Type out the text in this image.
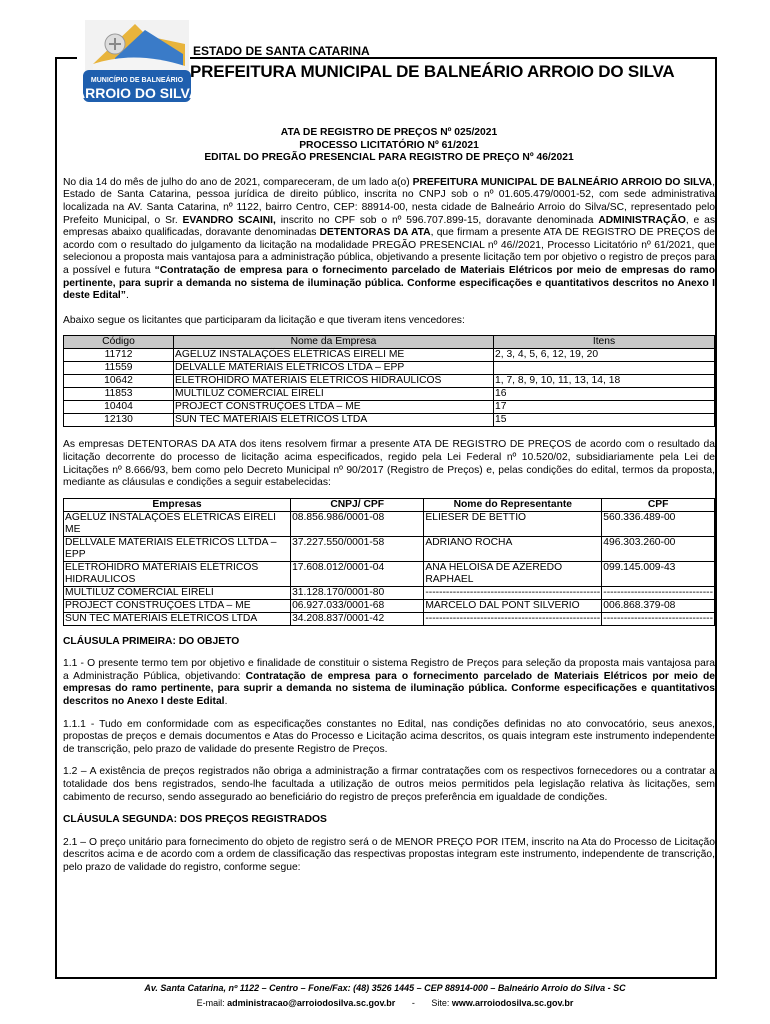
MUNICÍPIO DE BALNEÁRIO
ARROIO DO SILVA
ESTADO DE SANTA CATARINA
PREFEITURA MUNICIPAL DE BALNEÁRIO ARROIO DO SILVA
ATA DE REGISTRO DE PREÇOS Nº 025/2021
PROCESSO LICITATÓRIO Nº 61/2021
EDITAL DO PREGÃO PRESENCIAL PARA REGISTRO DE PREÇO Nº 46/2021

No dia 14 do mês de julho do ano de 2021, compareceram, de um lado a(o) PREFEITURA MUNICIPAL DE BALNEÁRIO ARROIO DO SILVA, Estado de Santa Catarina, pessoa jurídica de direito público, inscrita no CNPJ sob o nº 01.605.479/0001-52, com sede administrativa localizada na AV. Santa Catarina, nº 1122, bairro Centro, CEP: 88914-00, nesta cidade de Balneário Arroio do Silva/SC, representado pelo Prefeito Municipal, o Sr. EVANDRO SCAINI, inscrito no CPF sob o nº 596.707.899-15, doravante denominada ADMINISTRAÇÃO, e as empresas abaixo qualificadas, doravante denominadas DETENTORAS DA ATA, que firmam a presente ATA DE REGISTRO DE PREÇOS de acordo com o resultado do julgamento da licitação na modalidade PREGÃO PRESENCIAL nº 46//2021, Processo Licitatório nº 61/2021, que selecionou a proposta mais vantajosa para a administração pública, objetivando a presente licitação tem por objetivo o registro de preços para a possível e futura “Contratação de empresa para o fornecimento parcelado de Materiais Elétricos por meio de empresas do ramo pertinente, para suprir a demanda no sistema de iluminação pública. Conforme especificações e quantitativos descritos no Anexo I deste Edital”.

Abaixo segue os licitantes que participaram da licitação e que tiveram itens vencedores:

Código	Nome da Empresa	Itens
11712	AGELUZ INSTALAÇÕES ELÉTRICAS EIRELI ME	2, 3, 4, 5, 6, 12, 19, 20
11559	DELVALLE MATERIAIS ELÉTRICOS LTDA – EPP	
10642	ELETROHIDRO MATERIAIS ELETRICOS HIDRAULICOS	1, 7, 8, 9, 10, 11, 13, 14, 18
11853	MULTILUZ COMERCIAL EIRELI	16
10404	PROJECT CONSTRUÇÕES LTDA – ME	17
12130	SUN TEC MATERIAIS ELETRICOS LTDA	15

As empresas DETENTORAS DA ATA dos itens resolvem firmar a presente ATA DE REGISTRO DE PREÇOS de acordo com o resultado da licitação decorrente do processo de licitação acima especificados, regido pela Lei Federal nº 10.520/02, subsidiariamente pela Lei de Licitações nº 8.666/93, bem como pelo Decreto Municipal nº 90/2017 (Registro de Preços) e, pelas condições do edital, termos da proposta, mediante as cláusulas e condições a seguir estabelecidas:

Empresas	CNPJ/ CPF	Nome do Representante	CPF
AGELUZ INSTALAÇÕES ELÉTRICAS EIRELI ME	08.856.986/0001-08	ELIESER DE BETTIO	560.336.489-00
DELLVALE MATERIAIS ELÉTRICOS LLTDA – EPP	37.227.550/0001-58	ADRIANO ROCHA	496.303.260-00
ELETROHIDRO MATERIAIS ELÉTRICOS HIDRAULICOS	17.608.012/0001-04	ANA HELOISA DE AZEREDO RAPHAEL	099.145.009-43
MULTILUZ COMERCIAL EIRELI	31.128.170/0001-80	---------------------------------------------------	--------------------------------
PROJECT CONSTRUÇÕES LTDA – ME	06.927.033/0001-68	MARCELO DAL PONT SILVERIO	006.868.379-08
SUN TEC MATERIAIS ELETRICOS LTDA	34.208.837/0001-42	---------------------------------------------------	--------------------------------

CLÁUSULA PRIMEIRA: DO OBJETO

1.1 - O presente termo tem por objetivo e finalidade de constituir o sistema Registro de Preços para seleção da proposta mais vantajosa para a Administração Pública, objetivando: Contratação de empresa para o fornecimento parcelado de Materiais Elétricos por meio de empresas do ramo pertinente, para suprir a demanda no sistema de iluminação pública. Conforme especificações e quantitativos descritos no Anexo I deste Edital.

1.1.1 - Tudo em conformidade com as especificações constantes no Edital, nas condições definidas no ato convocatório, seus anexos, propostas de preços e demais documentos e Atas do Processo e Licitação acima descritos, os quais integram este instrumento independente de transcrição, pelo prazo de validade do presente Registro de Preços.

1.2 – A existência de preços registrados não obriga a administração a firmar contratações com os respectivos fornecedores ou a contratar a totalidade dos bens registrados, sendo-lhe facultada a utilização de outros meios permitidos pela legislação relativa às licitações, sem cabimento de recurso, sendo assegurado ao beneficiário do registro de preços preferência em igualdade de condições.

CLÁUSULA SEGUNDA: DOS PREÇOS REGISTRADOS

2.1 – O preço unitário para fornecimento do objeto de registro será o de MENOR PREÇO POR ITEM, inscrito na Ata do Processo de Licitação descritos acima e de acordo com a ordem de classificação das respectivas propostas integram este instrumento, independente de transcrição, pelo prazo de validade do registro, conforme segue:

Av. Santa Catarina, nº 1122 – Centro – Fone/Fax: (48) 3526 1445 – CEP 88914-000 – Balneário Arroio do Silva - SC
E-mail: administracao@arroiodosilva.sc.gov.br - Site: www.arroiodosilva.sc.gov.br
